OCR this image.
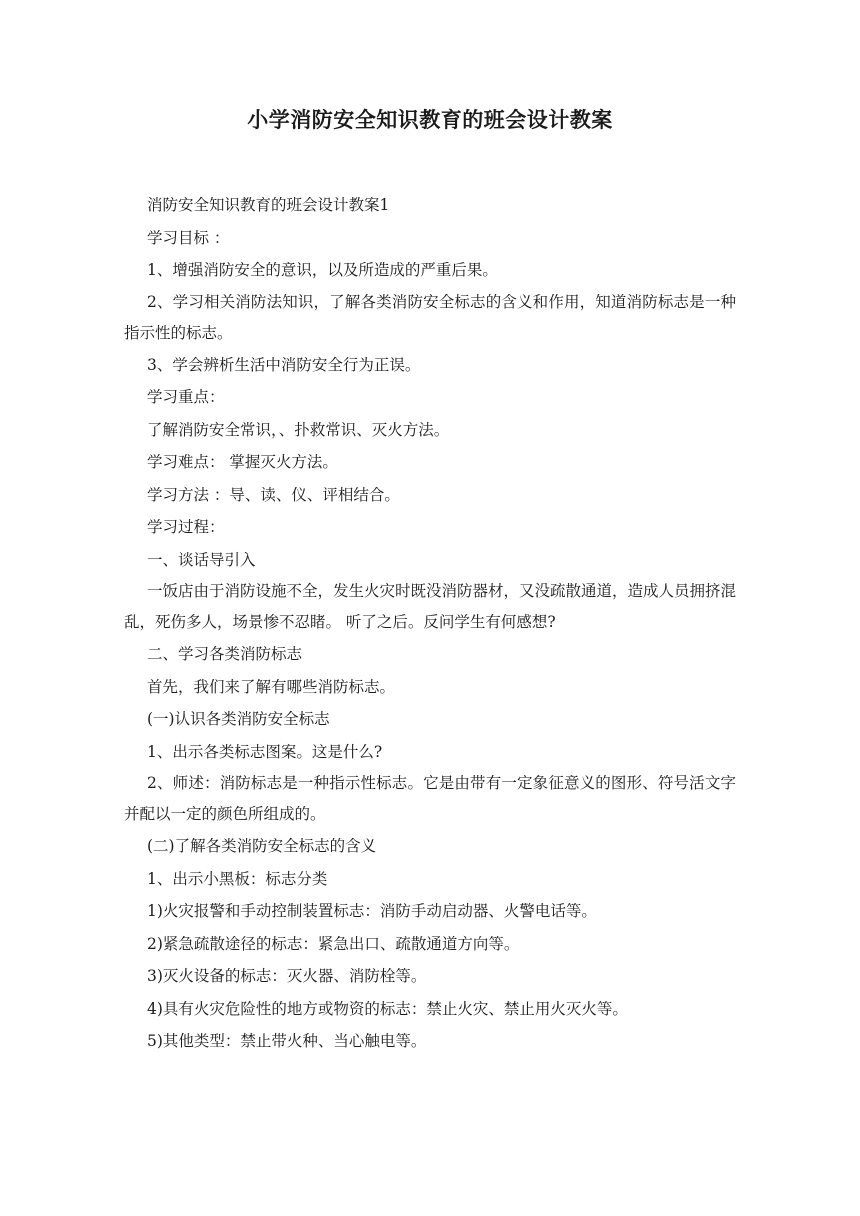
小学消防安全知识教育的班会设计教案

消防安全知识教育的班会设计教案1

学习目标 ：

1、增强消防安全的意识，以及所造成的严重后果。

2、学习相关消防法知识，了解各类消防安全标志的含义和作用，知道消防标志是一种指示性的标志。

3、学会辨析生活中消防安全行为正误。

学习重点：

了解消防安全常识，、扑救常识、灭火方法。

学习难点： 掌握灭火方法。

学习方法 ：导、读、仪、评相结合。

学习过程：

一、谈话导引入

一饭店由于消防设施不全，发生火灾时既没消防器材，又没疏散通道，造成人员拥挤混乱，死伤多人，场景惨不忍睹。 听了之后。反问学生有何感想?

二、学习各类消防标志

首先，我们来了解有哪些消防标志。

(一)认识各类消防安全标志

1、出示各类标志图案。这是什么?

2、师述：消防标志是一种指示性标志。它是由带有一定象征意义的图形、符号活文字并配以一定的颜色所组成的。

(二)了解各类消防安全标志的含义

1、出示小黑板：标志分类

1)火灾报警和手动控制装置标志：消防手动启动器、火警电话等。

2)紧急疏散途径的标志：紧急出口、疏散通道方向等。

3)灭火设备的标志：灭火器、消防栓等。

4)具有火灾危险性的地方或物资的标志：禁止火灾、禁止用火灭火等。

5)其他类型：禁止带火种、当心触电等。
